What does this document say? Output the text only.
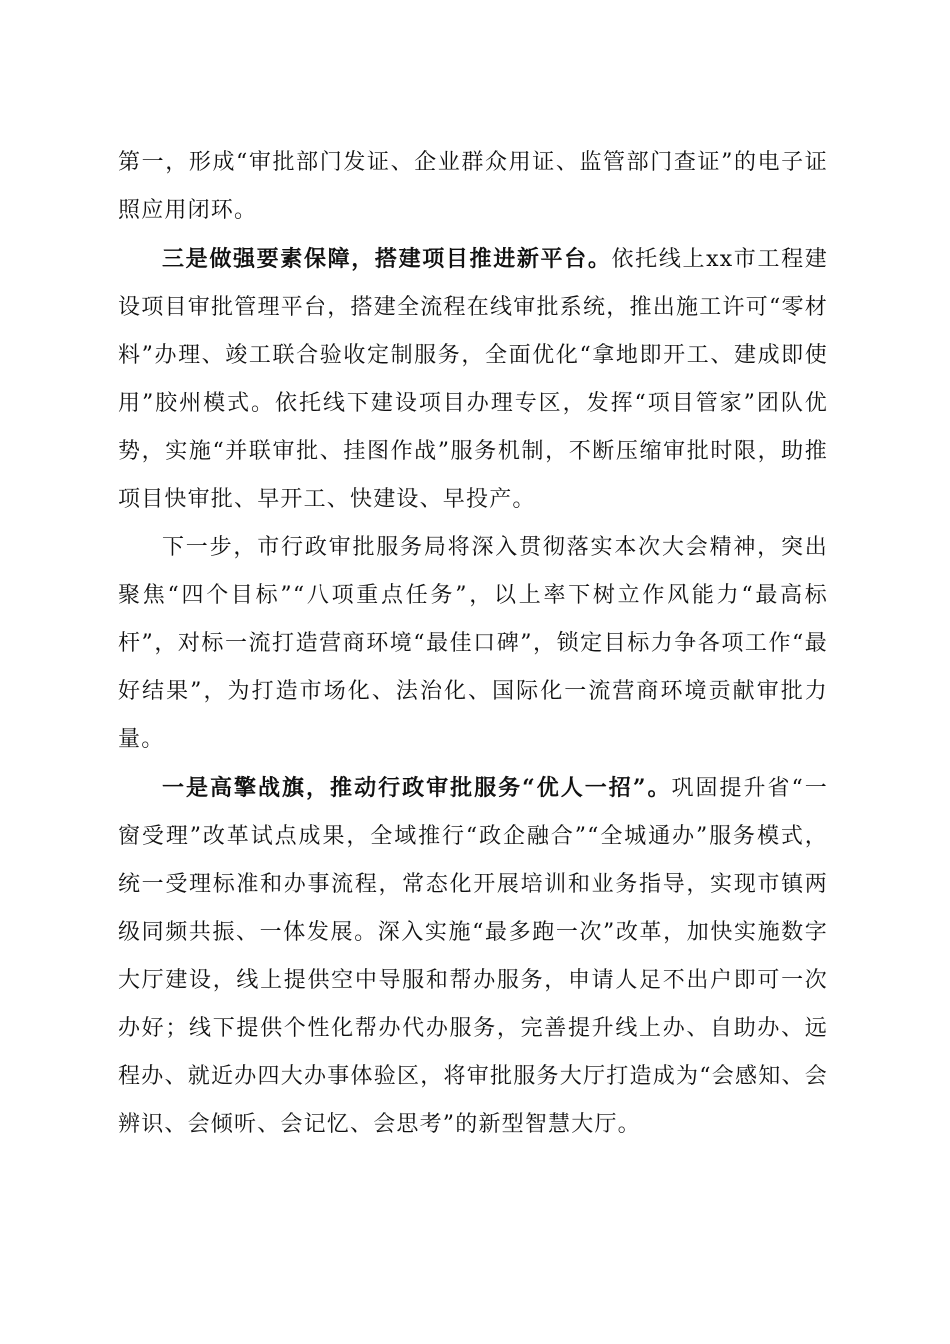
第一，形成“审批部门发证、企业群众用证、监管部门查证”的电子证照应用闭环。

三是做强要素保障，搭建项目推进新平台。依托线上xx市工程建设项目审批管理平台，搭建全流程在线审批系统，推出施工许可“零材料”办理、竣工联合验收定制服务，全面优化“拿地即开工、建成即使用”胶州模式。依托线下建设项目办理专区，发挥“项目管家”团队优势，实施“并联审批、挂图作战”服务机制，不断压缩审批时限，助推项目快审批、早开工、快建设、早投产。

下一步，市行政审批服务局将深入贯彻落实本次大会精神，突出聚焦“四个目标”“八项重点任务”，以上率下树立作风能力“最高标杆”，对标一流打造营商环境“最佳口碑”，锁定目标力争各项工作“最好结果”，为打造市场化、法治化、国际化一流营商环境贡献审批力量。

一是高擎战旗，推动行政审批服务“优人一招”。巩固提升省“一窗受理”改革试点成果，全域推行“政企融合”“全城通办”服务模式，统一受理标准和办事流程，常态化开展培训和业务指导，实现市镇两级同频共振、一体发展。深入实施“最多跑一次”改革，加快实施数字大厅建设，线上提供空中导服和帮办服务，申请人足不出户即可一次办好；线下提供个性化帮办代办服务，完善提升线上办、自助办、远程办、就近办四大办事体验区，将审批服务大厅打造成为“会感知、会辨识、会倾听、会记忆、会思考”的新型智慧大厅。
